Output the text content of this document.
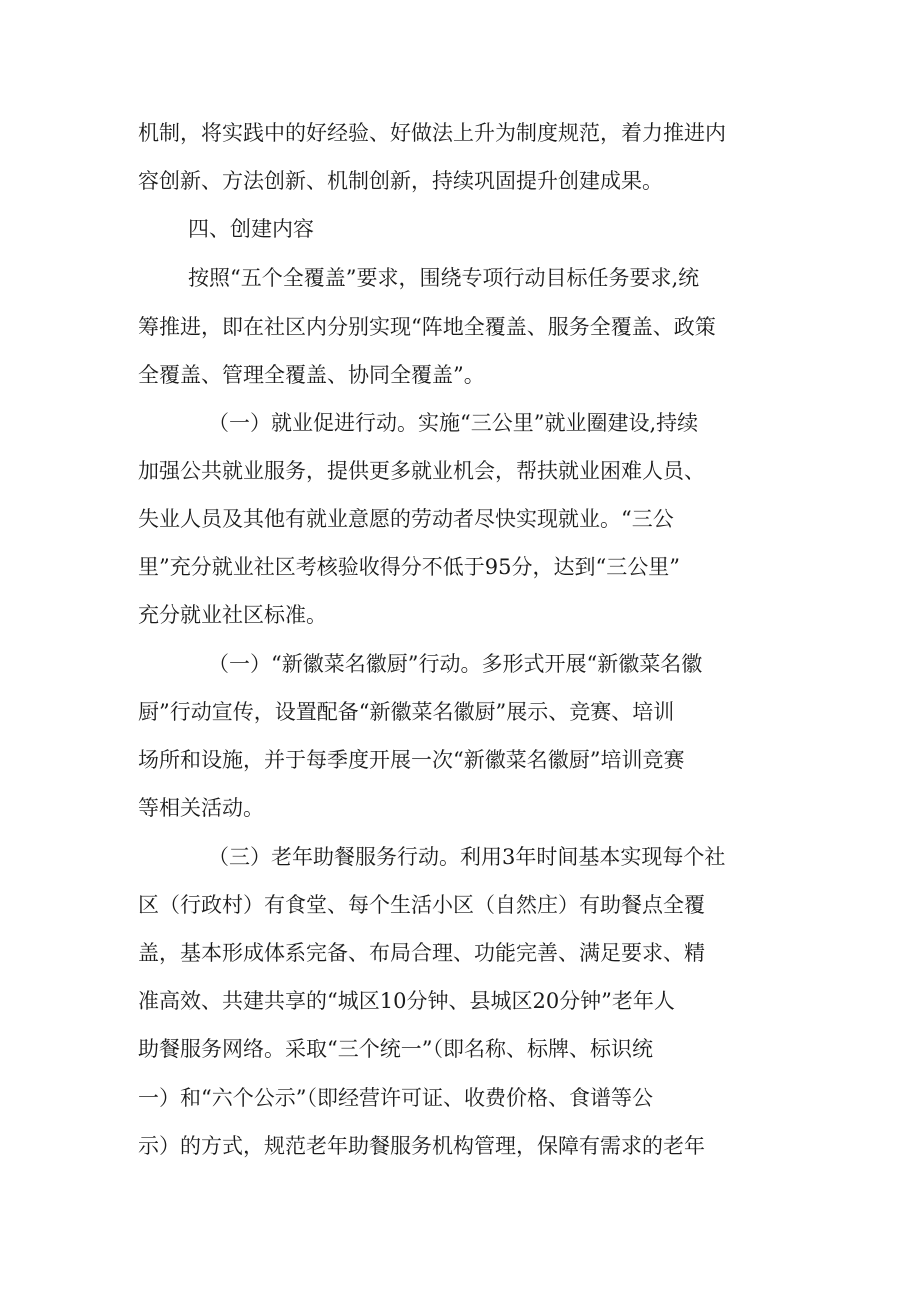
机制，将实践中的好经验、好做法上升为制度规范，着力推进内

容创新、方法创新、机制创新，持续巩固提升创建成果。

四、创建内容

按照“五个全覆盖”要求，围绕专项行动目标任务要求,统

筹推进，即在社区内分别实现“阵地全覆盖、服务全覆盖、政策

全覆盖、管理全覆盖、协同全覆盖”。

（一）就业促进行动。实施“三公里”就业圈建设,持续

加强公共就业服务，提供更多就业机会，帮扶就业困难人员、

失业人员及其他有就业意愿的劳动者尽快实现就业。“三公

里”充分就业社区考核验收得分不低于95分，达到“三公里”

充分就业社区标准。

（一）“新徽菜名徽厨”行动。多形式开展“新徽菜名徽

厨”行动宣传，设置配备“新徽菜名徽厨”展示、竞赛、培训

场所和设施，并于每季度开展一次“新徽菜名徽厨”培训竞赛

等相关活动。

（三）老年助餐服务行动。利用3年时间基本实现每个社

区（行政村）有食堂、每个生活小区（自然庄）有助餐点全覆

盖，基本形成体系完备、布局合理、功能完善、满足要求、精

准高效、共建共享的“城区10分钟、县城区20分钟”老年人

助餐服务网络。采取“三个统一”（即名称、标牌、标识统

一）和“六个公示”（即经营许可证、收费价格、食谱等公

示）的方式，规范老年助餐服务机构管理，保障有需求的老年
